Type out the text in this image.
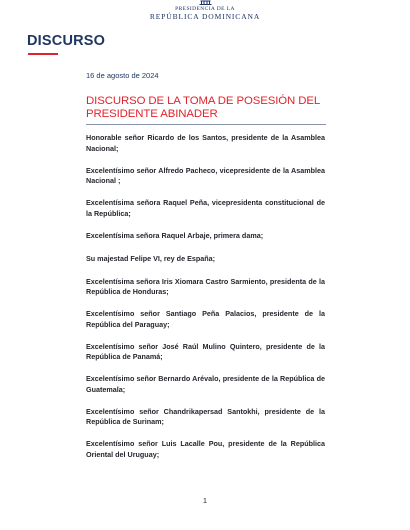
PRESIDENCIA DE LA
REPÚBLICA DOMINICANA
DISCURSO
16 de agosto de 2024
DISCURSO DE LA TOMA DE POSESIÓN DEL PRESIDENTE ABINADER
Honorable señor Ricardo de los Santos, presidente de la Asamblea Nacional;
Excelentísimo señor Alfredo Pacheco, vicepresidente de la Asamblea Nacional ;
Excelentísima señora Raquel Peña, vicepresidenta constitucional de la República;
Excelentísima señora Raquel Arbaje, primera dama;
Su majestad Felipe VI, rey de España;
Excelentísima señora Iris Xiomara Castro Sarmiento, presidenta de la República de Honduras;
Excelentísimo señor Santiago Peña Palacios, presidente de la República del Paraguay;
Excelentísimo señor José Raúl Mulino Quintero, presidente de la República de Panamá;
Excelentísimo señor Bernardo Arévalo, presidente de la República de Guatemala;
Excelentísimo señor Chandrikapersad Santokhi, presidente de la República de Surinam;
Excelentísimo señor Luis Lacalle Pou, presidente de la República Oriental del Uruguay;
1
